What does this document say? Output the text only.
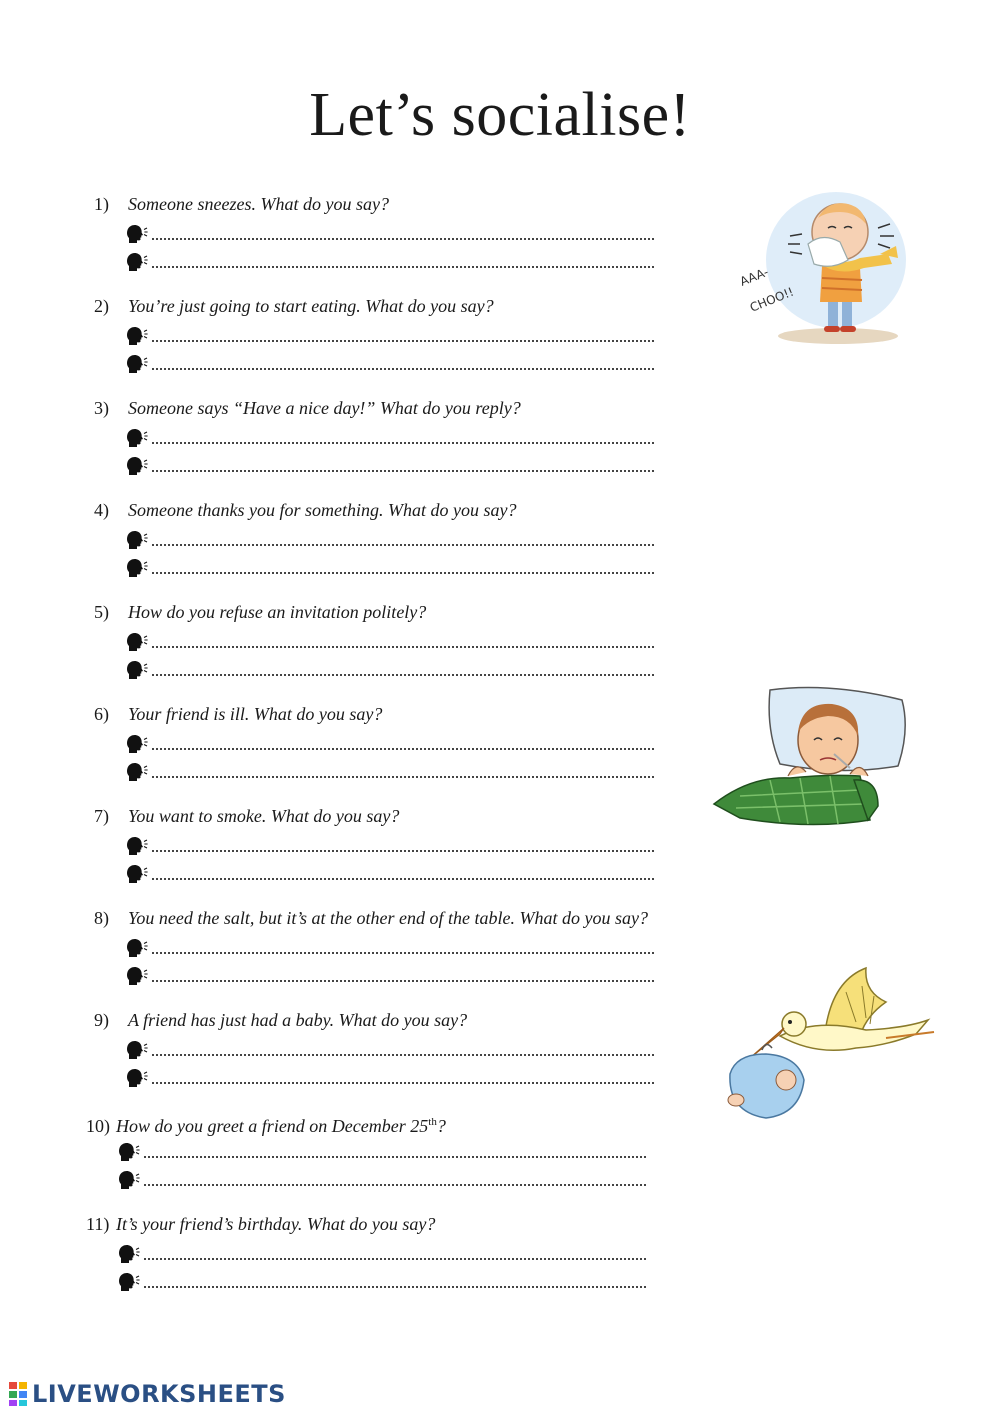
Let’s socialise!
1) Someone sneezes. What do you say?
2) You’re just going to start eating. What do you say?
3) Someone says “Have a nice day!” What do you reply?
4) Someone thanks you for something. What do you say?
5) How do you refuse an invitation politely?
6) Your friend is ill. What do you say?
7) You want to smoke. What do you say?
8) You need the salt, but it’s at the other end of the table. What do you say?
9) A friend has just had a baby. What do you say?
10) How do you greet a friend on December 25th?
11) It’s your friend’s birthday. What do you say?
AAA-
CHOO!!
LIVEWORKSHEETS
